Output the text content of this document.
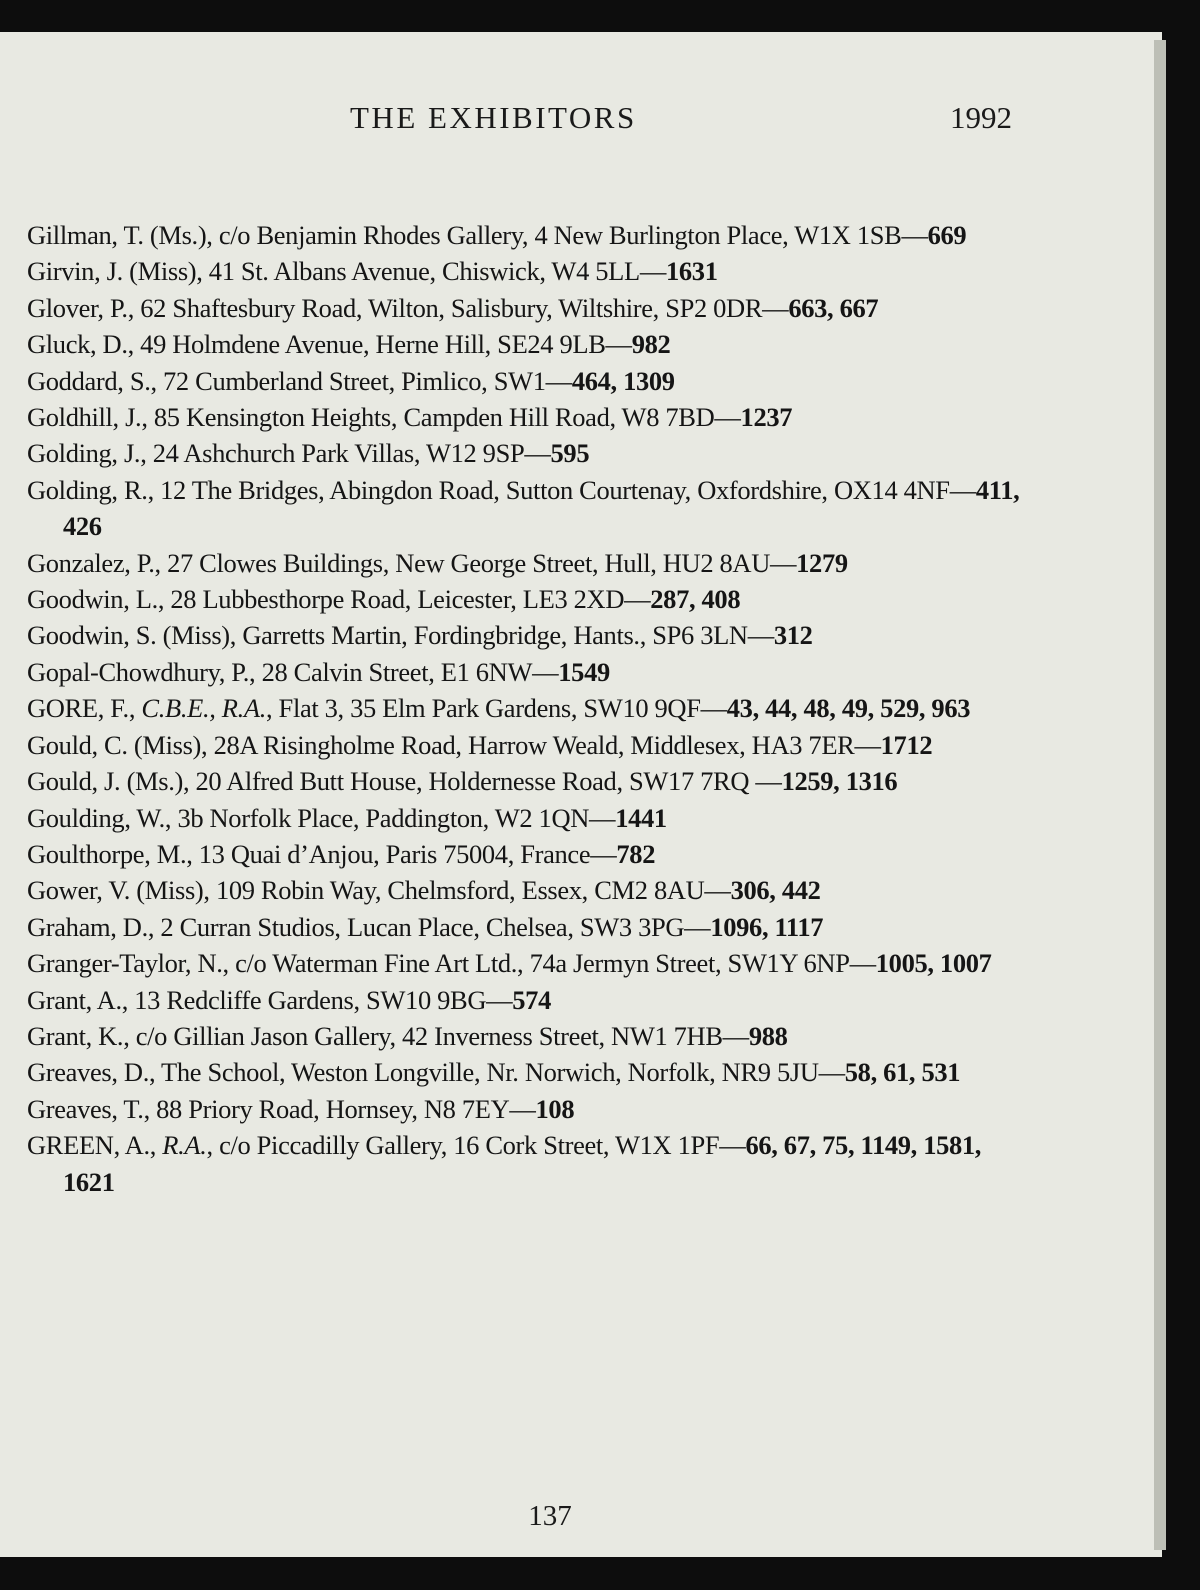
THE EXHIBITORS	1992
Gillman, T. (Ms.), c/o Benjamin Rhodes Gallery, 4 New Burlington Place, W1X 1SB—669
Girvin, J. (Miss), 41 St. Albans Avenue, Chiswick, W4 5LL—1631
Glover, P., 62 Shaftesbury Road, Wilton, Salisbury, Wiltshire, SP2 0DR—663, 667
Gluck, D., 49 Holmdene Avenue, Herne Hill, SE24 9LB—982
Goddard, S., 72 Cumberland Street, Pimlico, SW1—464, 1309
Goldhill, J., 85 Kensington Heights, Campden Hill Road, W8 7BD—1237
Golding, J., 24 Ashchurch Park Villas, W12 9SP—595
Golding, R., 12 The Bridges, Abingdon Road, Sutton Courtenay, Oxfordshire, OX14 4NF—411, 426
Gonzalez, P., 27 Clowes Buildings, New George Street, Hull, HU2 8AU—1279
Goodwin, L., 28 Lubbesthorpe Road, Leicester, LE3 2XD—287, 408
Goodwin, S. (Miss), Garretts Martin, Fordingbridge, Hants., SP6 3LN—312
Gopal-Chowdhury, P., 28 Calvin Street, E1 6NW—1549
GORE, F., C.B.E., R.A., Flat 3, 35 Elm Park Gardens, SW10 9QF—43, 44, 48, 49, 529, 963
Gould, C. (Miss), 28A Risingholme Road, Harrow Weald, Middlesex, HA3 7ER—1712
Gould, J. (Ms.), 20 Alfred Butt House, Holdernesse Road, SW17 7RQ —1259, 1316
Goulding, W., 3b Norfolk Place, Paddington, W2 1QN—1441
Goulthorpe, M., 13 Quai d’Anjou, Paris 75004, France—782
Gower, V. (Miss), 109 Robin Way, Chelmsford, Essex, CM2 8AU—306, 442
Graham, D., 2 Curran Studios, Lucan Place, Chelsea, SW3 3PG—1096, 1117
Granger-Taylor, N., c/o Waterman Fine Art Ltd., 74a Jermyn Street, SW1Y 6NP—1005, 1007
Grant, A., 13 Redcliffe Gardens, SW10 9BG—574
Grant, K., c/o Gillian Jason Gallery, 42 Inverness Street, NW1 7HB—988
Greaves, D., The School, Weston Longville, Nr. Norwich, Norfolk, NR9 5JU—58, 61, 531
Greaves, T., 88 Priory Road, Hornsey, N8 7EY—108
GREEN, A., R.A., c/o Piccadilly Gallery, 16 Cork Street, W1X 1PF—66, 67, 75, 1149, 1581, 1621
137
